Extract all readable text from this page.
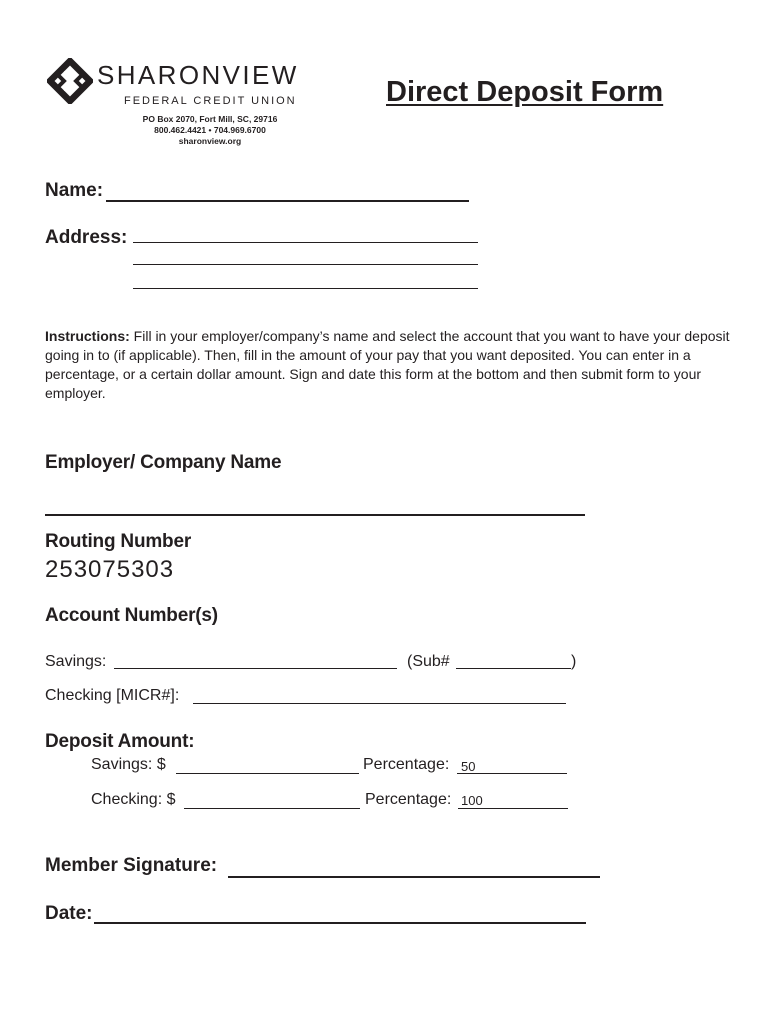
SHARONVIEW
FEDERAL CREDIT UNION
PO Box 2070, Fort Mill, SC, 29716
800.462.4421 • 704.969.6700
sharonview.org
Direct Deposit Form
Name:
Address:
Instructions: Fill in your employer/company’s name and select the account that you want to have your deposit going in to (if applicable). Then, fill in the amount of your pay that you want deposited. You can enter in a percentage, or a certain dollar amount. Sign and date this form at the bottom and then submit form to your employer.
Employer/ Company Name
Routing Number
253075303
Account Number(s)
Savings:	(Sub#	)
Checking [MICR#]:
Deposit Amount:
Savings: $	Percentage: 50
Checking: $	Percentage: 100
Member Signature:
Date:
